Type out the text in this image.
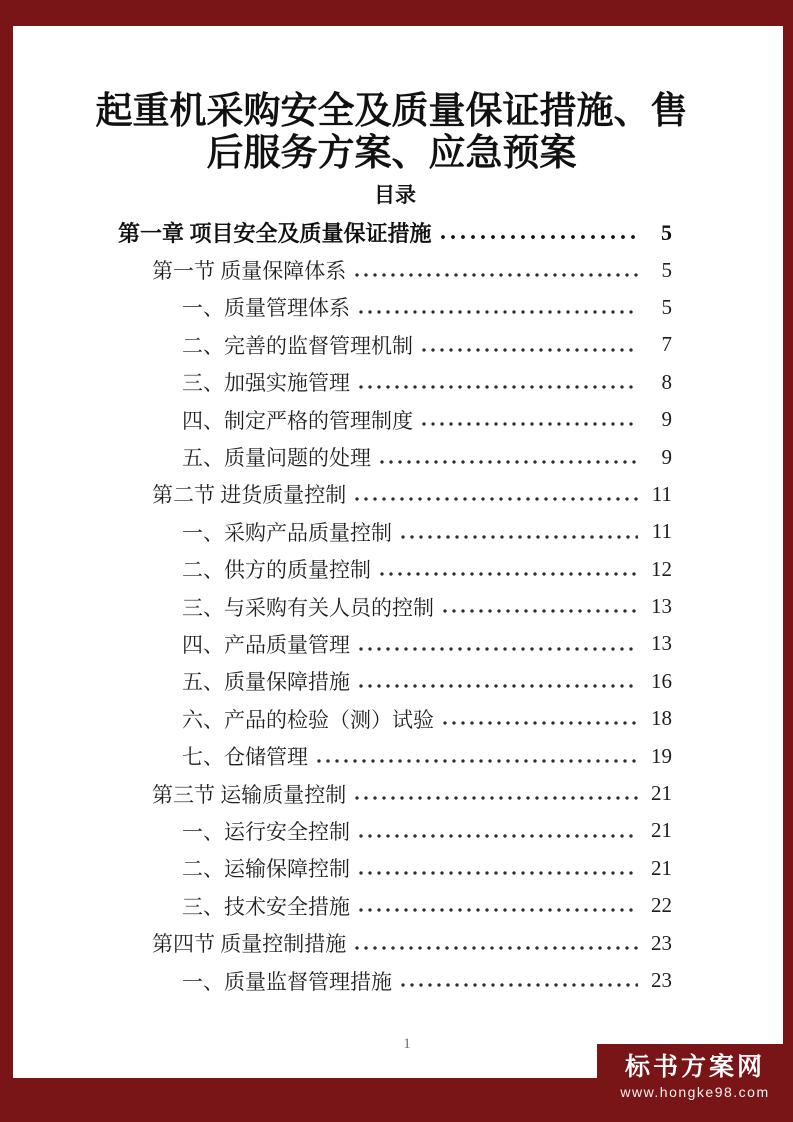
起重机采购安全及质量保证措施、售
后服务方案、应急预案
目录
第一章 项目安全及质量保证措施	5
第一节 质量保障体系	5
一、质量管理体系	5
二、完善的监督管理机制	7
三、加强实施管理	8
四、制定严格的管理制度	9
五、质量问题的处理	9
第二节 进货质量控制	11
一、采购产品质量控制	11
二、供方的质量控制	12
三、与采购有关人员的控制	13
四、产品质量管理	13
五、质量保障措施	16
六、产品的检验（测）试验	18
七、仓储管理	19
第三节 运输质量控制	21
一、运行安全控制	21
二、运输保障控制	21
三、技术安全措施	22
第四节 质量控制措施	23
一、质量监督管理措施	23
1
标书方案网
www.hongke98.com
